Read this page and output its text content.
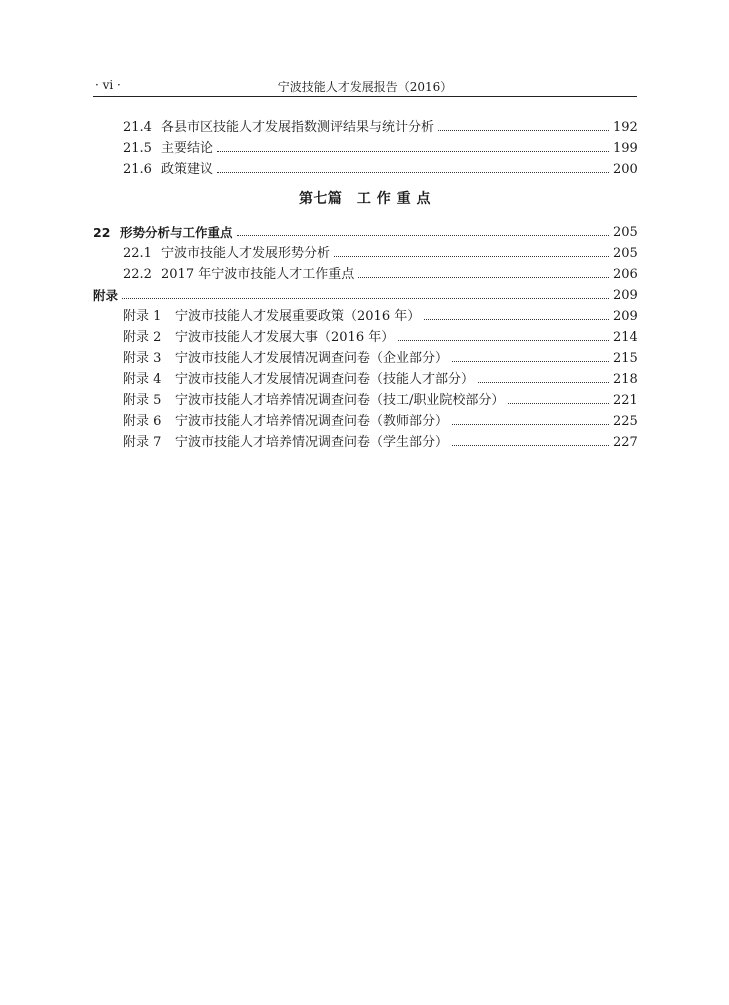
· vi ·	宁波技能人才发展报告（2016）
21.4 各县市区技能人才发展指数测评结果与统计分析	192
21.5 主要结论	199
21.6 政策建议	200
第七篇　工 作 重 点
22 形势分析与工作重点	205
22.1 宁波市技能人才发展形势分析	205
22.2 2017 年宁波市技能人才工作重点	206
附录	209
附录 1	宁波市技能人才发展重要政策（2016 年）	209
附录 2	宁波市技能人才发展大事（2016 年）	214
附录 3	宁波市技能人才发展情况调查问卷（企业部分）	215
附录 4	宁波市技能人才发展情况调查问卷（技能人才部分）	218
附录 5	宁波市技能人才培养情况调查问卷（技工/职业院校部分）	221
附录 6	宁波市技能人才培养情况调查问卷（教师部分）	225
附录 7	宁波市技能人才培养情况调查问卷（学生部分）	227
